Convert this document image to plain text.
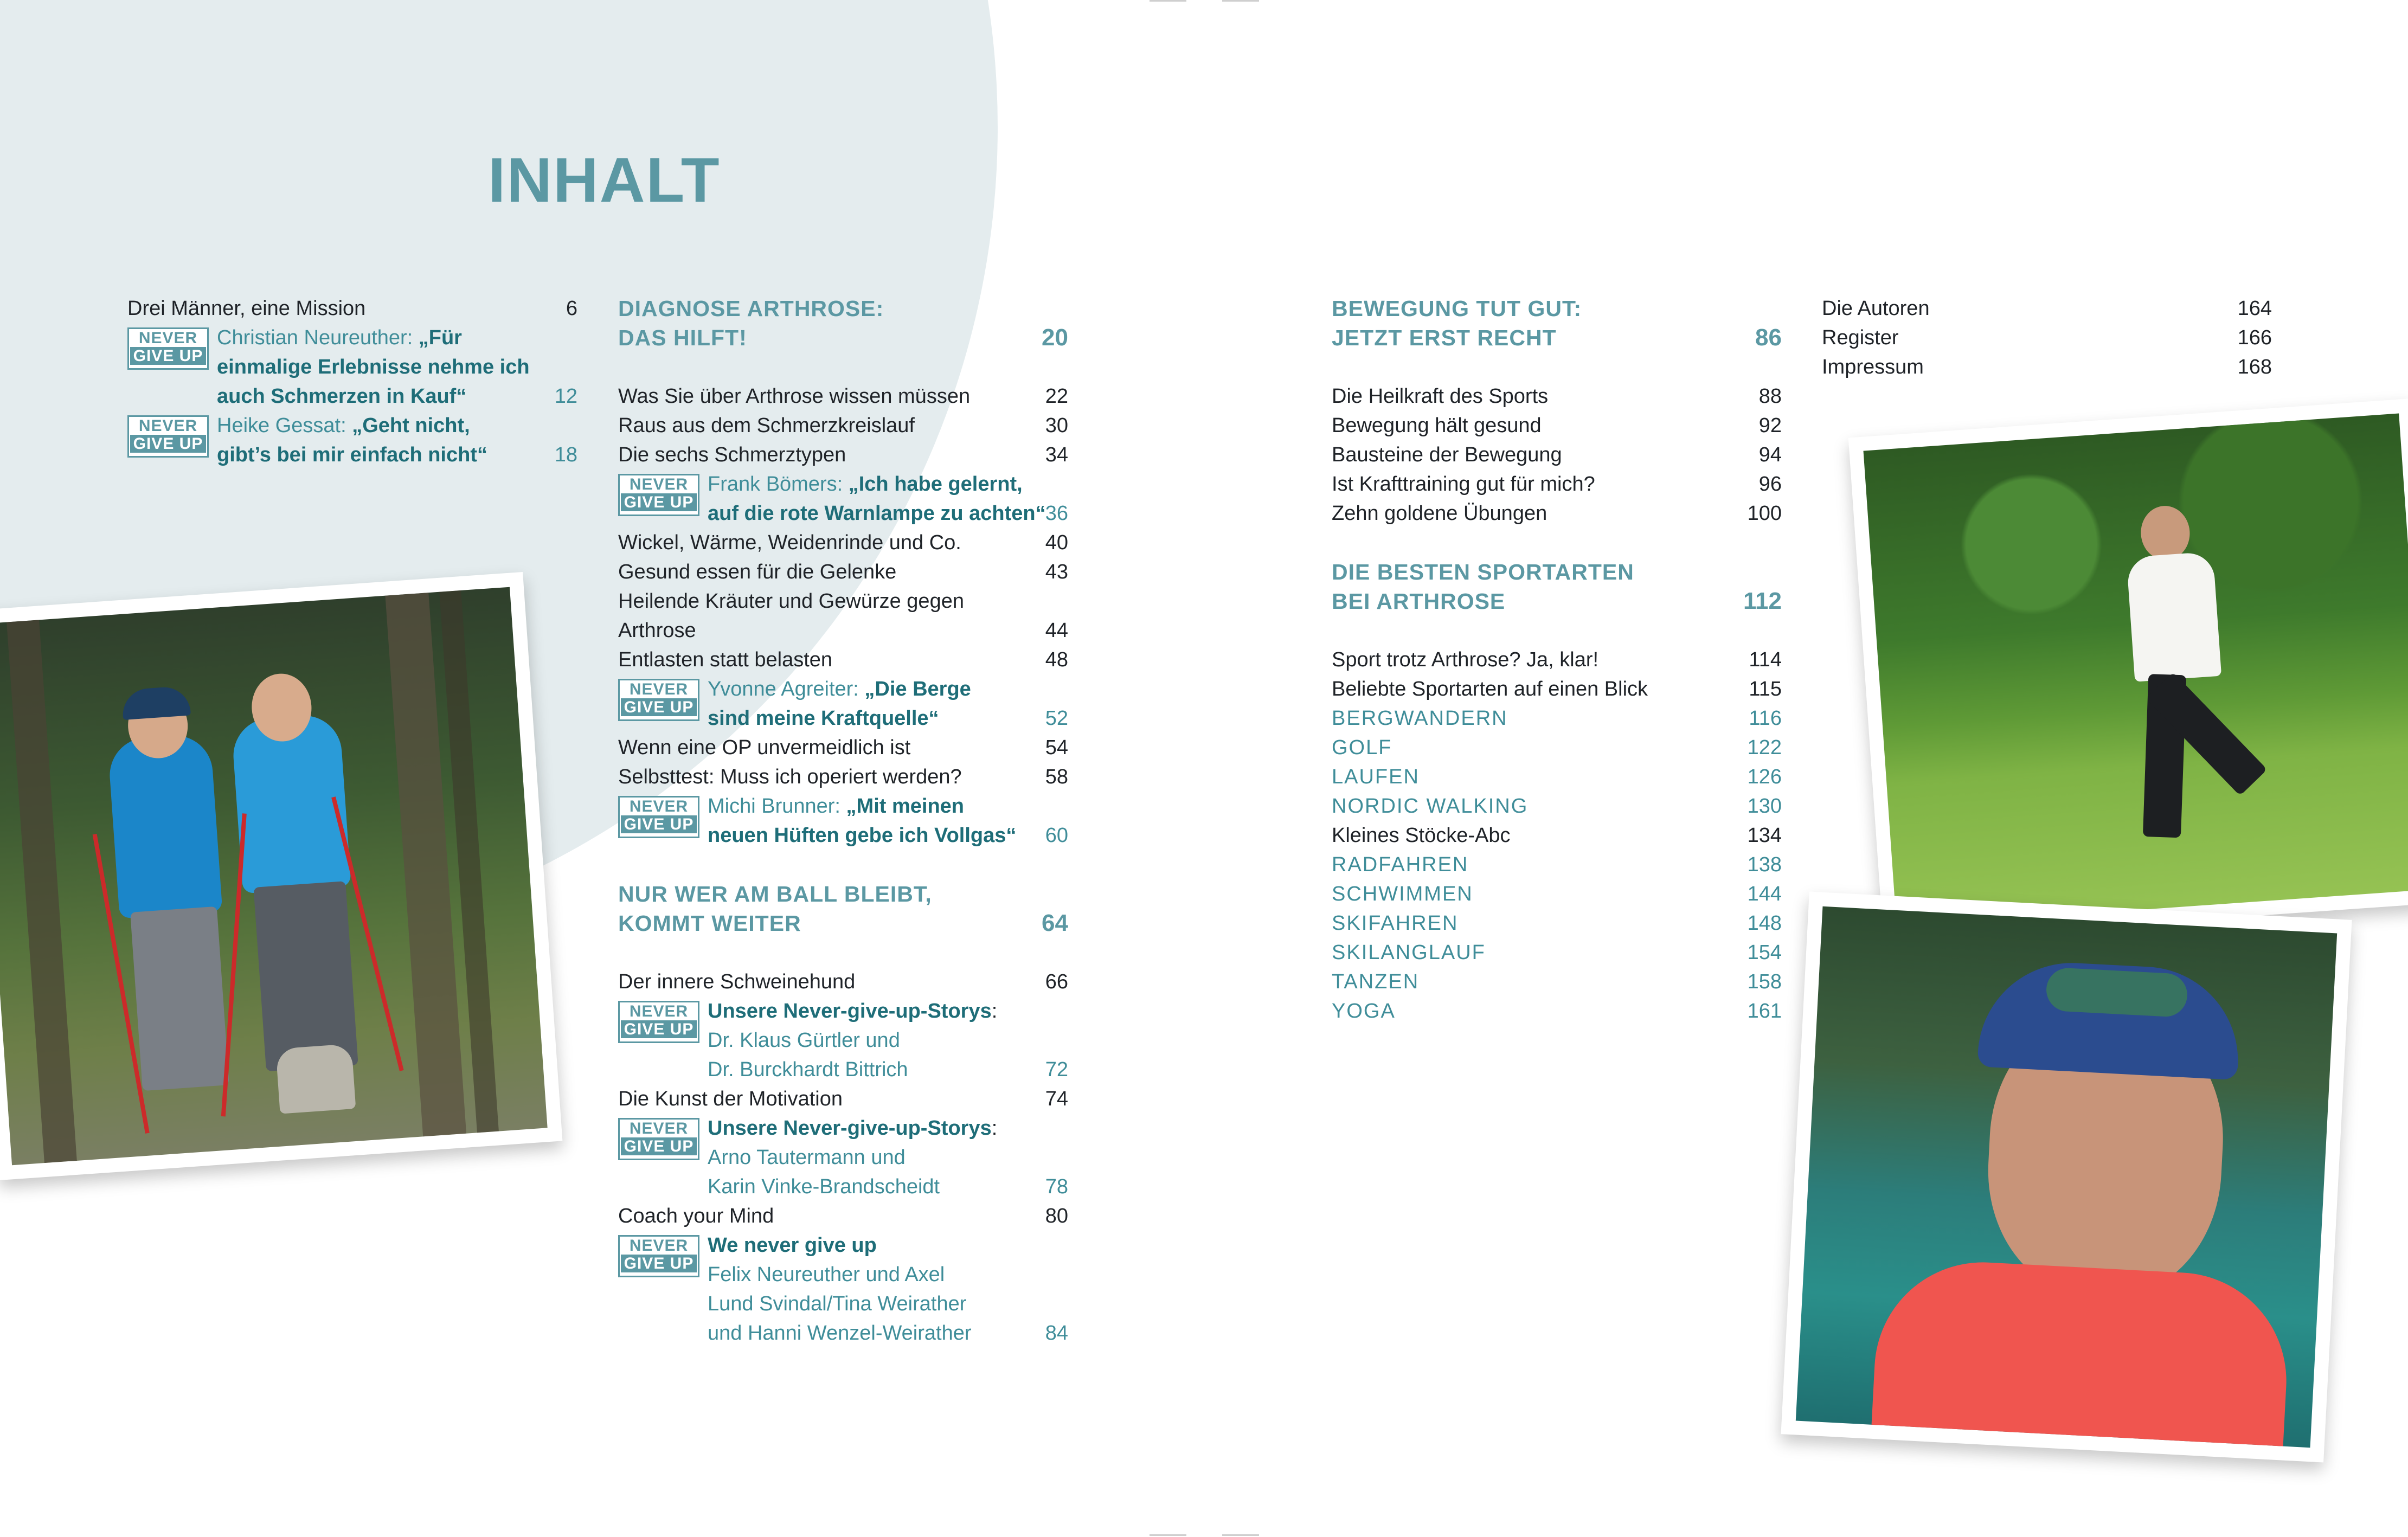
INHALT
Drei Männer, eine Mission	6
NEVER
GIVE UP
Christian Neureuther: „Für
einmalige Erlebnisse nehme ich
auch Schmerzen in Kauf“	12
NEVER
GIVE UP
Heike Gessat: „Geht nicht,
gibt’s bei mir einfach nicht“	18
DIAGNOSE ARTHROSE:
DAS HILFT!	20
Was Sie über Arthrose wissen müssen	22
Raus aus dem Schmerzkreislauf	30
Die sechs Schmerztypen	34
NEVER
GIVE UP
Frank Bömers: „Ich habe gelernt,
auf die rote Warnlampe zu achten“ 36
Wickel, Wärme, Weidenrinde und Co.	40
Gesund essen für die Gelenke	43
Heilende Kräuter und Gewürze gegen
Arthrose	44
Entlasten statt belasten	48
NEVER
GIVE UP
Yvonne Agreiter: „Die Berge
sind meine Kraftquelle“	52
Wenn eine OP unvermeidlich ist	54
Selbsttest: Muss ich operiert werden?	58
NEVER
GIVE UP
Michi Brunner: „Mit meinen
neuen Hüften gebe ich Vollgas“ 60
NUR WER AM BALL BLEIBT,
KOMMT WEITER	64
Der innere Schweinehund	66
NEVER
GIVE UP
Unsere Never-give-up-Storys:
Dr. Klaus Gürtler und
Dr. Burckhardt Bittrich	72
Die Kunst der Motivation	74
NEVER
GIVE UP
Unsere Never-give-up-Storys:
Arno Tautermann und
Karin Vinke-Brandscheidt	78
Coach your Mind	80
NEVER
GIVE UP
We never give up
Felix Neureuther und Axel
Lund Svindal/Tina Weirather
und Hanni Wenzel-Weirather	84
BEWEGUNG TUT GUT:
JETZT ERST RECHT	86
Die Heilkraft des Sports	88
Bewegung hält gesund	92
Bausteine der Bewegung	94
Ist Krafttraining gut für mich?	96
Zehn goldene Übungen	100
DIE BESTEN SPORTARTEN
BEI ARTHROSE	112
Sport trotz Arthrose? Ja, klar!	114
Beliebte Sportarten auf einen Blick	115
BERGWANDERN	116
GOLF	122
LAUFEN	126
NORDIC WALKING	130
Kleines Stöcke-Abc	134
RADFAHREN	138
SCHWIMMEN	144
SKIFAHREN	148
SKILANGLAUF	154
TANZEN	158
YOGA	161
Die Autoren	164
Register	166
Impressum	168
